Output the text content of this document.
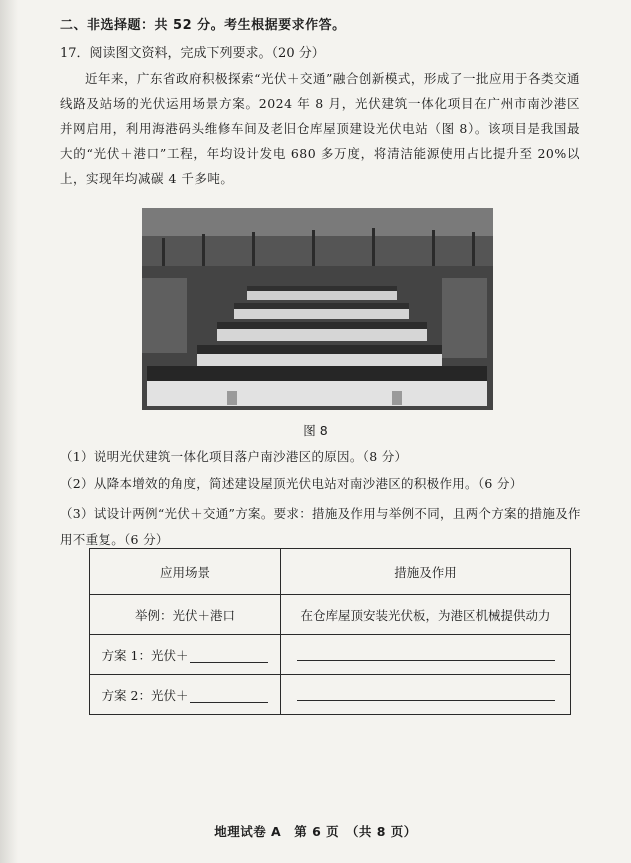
二、非选择题：共 52 分。考生根据要求作答。
17．阅读图文资料，完成下列要求。（20 分）
近年来，广东省政府积极探索“光伏＋交通”融合创新模式，形成了一批应用于各类交通线路及站场的光伏运用场景方案。2024 年 8 月，光伏建筑一体化项目在广州市南沙港区并网启用，利用海港码头维修车间及老旧仓库屋顶建设光伏电站（图 8）。该项目是我国最大的“光伏＋港口”工程，年均设计发电 680 多万度，将清洁能源使用占比提升至 20%以上，实现年均减碳 4 千多吨。
图 8
（1）说明光伏建筑一体化项目落户南沙港区的原因。（8 分）
（2）从降本增效的角度，简述建设屋顶光伏电站对南沙港区的积极作用。（6 分）
（3）试设计两例“光伏＋交通”方案。要求：措施及作用与举例不同，且两个方案的措施及作用不重复。（6 分）
应用场景	措施及作用
举例：光伏＋港口	在仓库屋顶安装光伏板，为港区机械提供动力
方案 1：光伏＋	
方案 2：光伏＋	
地理试卷 A　第 6 页　（共 8 页）
